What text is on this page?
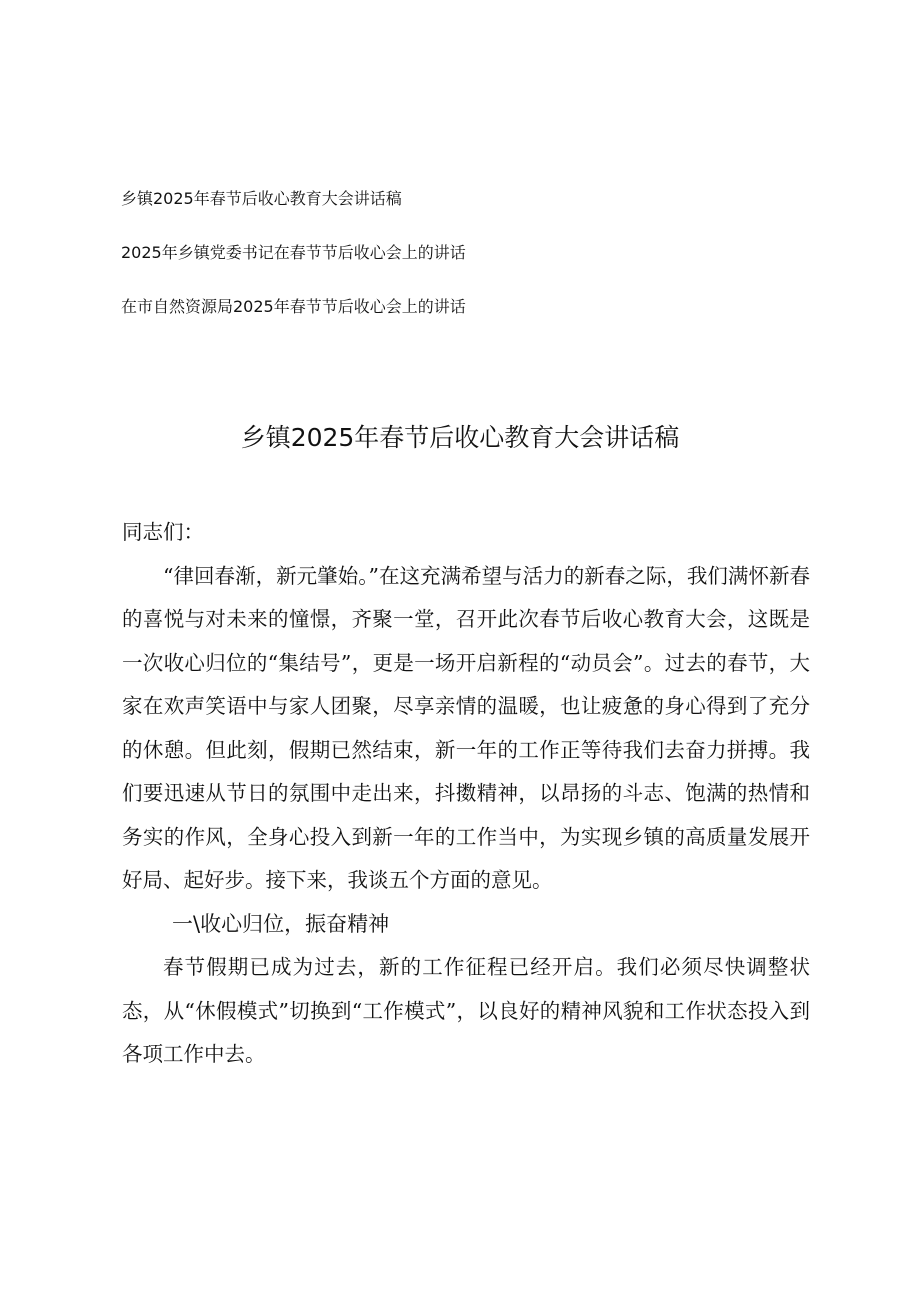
乡镇2025年春节后收心教育大会讲话稿
2025年乡镇党委书记在春节节后收心会上的讲话
在市自然资源局2025年春节节后收心会上的讲话
乡镇2025年春节后收心教育大会讲话稿

同志们：

“律回春渐，新元肇始。”在这充满希望与活力的新春之际，我们满怀新春的喜悦与对未来的憧憬，齐聚一堂，召开此次春节后收心教育大会，这既是一次收心归位的“集结号”，更是一场开启新程的“动员会”。过去的春节，大家在欢声笑语中与家人团聚，尽享亲情的温暖，也让疲惫的身心得到了充分的休憩。但此刻，假期已然结束，新一年的工作正等待我们去奋力拼搏。我们要迅速从节日的氛围中走出来，抖擞精神，以昂扬的斗志、饱满的热情和务实的作风，全身心投入到新一年的工作当中，为实现乡镇的高质量发展开好局、起好步。接下来，我谈五个方面的意见。

一\收心归位，振奋精神

春节假期已成为过去，新的工作征程已经开启。我们必须尽快调整状态，从“休假模式”切换到“工作模式”，以良好的精神风貌和工作状态投入到各项工作中去。
